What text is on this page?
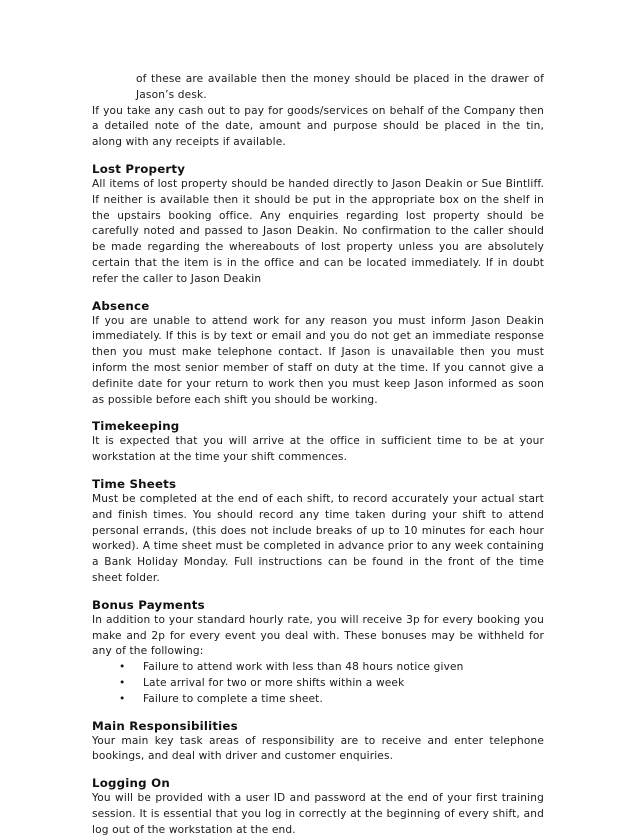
of these are available then the money should be placed in the drawer of Jason’s desk.

If you take any cash out to pay for goods/services on behalf of the Company then a detailed note of the date, amount and purpose should be placed in the tin, along with any receipts if available.

Lost Property

All items of lost property should be handed directly to Jason Deakin or Sue Bintliff. If neither is available then it should be put in the appropriate box on the shelf in the upstairs booking office. Any enquiries regarding lost property should be carefully noted and passed to Jason Deakin. No confirmation to the caller should be made regarding the whereabouts of lost property unless you are absolutely certain that the item is in the office and can be located immediately. If in doubt refer the caller to Jason Deakin

Absence

If you are unable to attend work for any reason you must inform Jason Deakin immediately. If this is by text or email and you do not get an immediate response then you must make telephone contact. If Jason is unavailable then you must inform the most senior member of staff on duty at the time. If you cannot give a definite date for your return to work then you must keep Jason informed as soon as possible before each shift you should be working.

Timekeeping

It is expected that you will arrive at the office in sufficient time to be at your workstation at the time your shift commences.

Time Sheets

Must be completed at the end of each shift, to record accurately your actual start and finish times. You should record any time taken during your shift to attend personal errands, (this does not include breaks of up to 10 minutes for each hour worked). A time sheet must be completed in advance prior to any week containing a Bank Holiday Monday. Full instructions can be found in the front of the time sheet folder.

Bonus Payments

In addition to your standard hourly rate, you will receive 3p for every booking you make and 2p for every event you deal with. These bonuses may be withheld for any of the following:

• Failure to attend work with less than 48 hours notice given
• Late arrival for two or more shifts within a week
• Failure to complete a time sheet.
Main Responsibilities

Your main key task areas of responsibility are to receive and enter telephone bookings, and deal with driver and customer enquiries.

Logging On

You will be provided with a user ID and password at the end of your first training session. It is essential that you log in correctly at the beginning of every shift, and log out of the workstation at the end.
